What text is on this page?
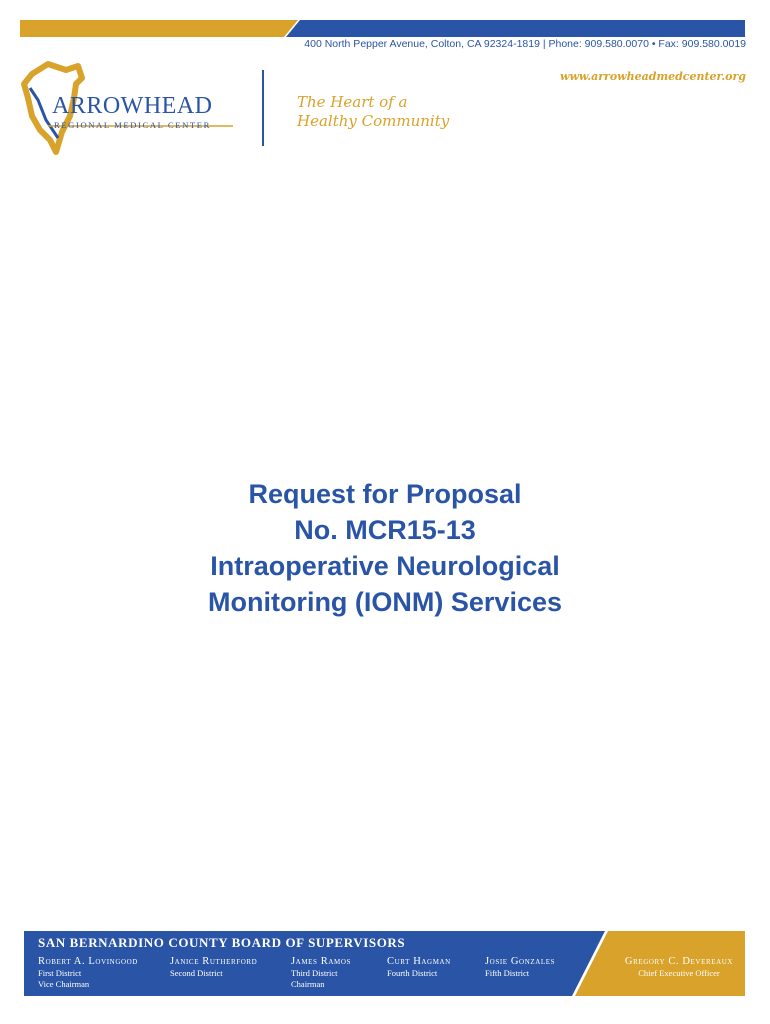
400 North Pepper Avenue, Colton, CA 92324-1819 | Phone: 909.580.0070 • Fax: 909.580.0019
www.arrowheadmedcenter.org
ARROWHEAD
REGIONAL MEDICAL CENTER
The Heart of a
Healthy Community
Request for Proposal
No. MCR15-13
Intraoperative Neurological
Monitoring (IONM) Services
SAN BERNARDINO COUNTY BOARD OF SUPERVISORS
Robert A. Lovingood
First District
Vice Chairman
Janice Rutherford
Second District
James Ramos
Third District
Chairman
Curt Hagman
Fourth District
Josie Gonzales
Fifth District
Gregory C. Devereaux
Chief Executive Officer
